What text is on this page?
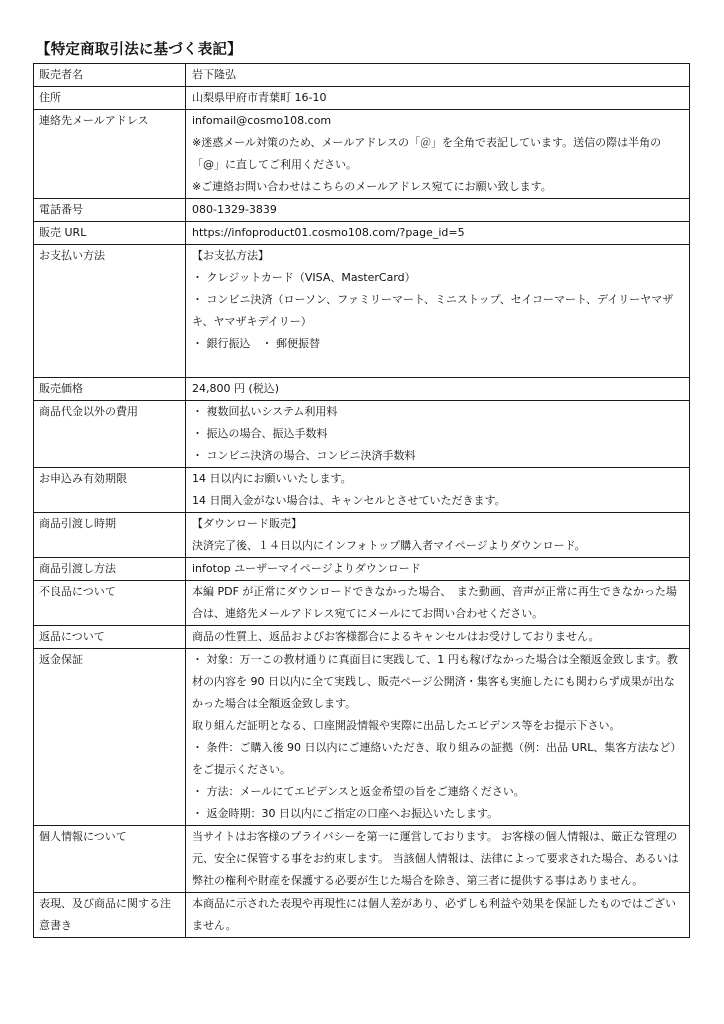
【特定商取引法に基づく表記】
販売者名	岩下隆弘

住所	山梨県甲府市青葉町 16-10

連絡先メールアドレス	infomail@cosmo108.com
※迷惑メール対策のため、メールアドレスの「＠」を全角で表記しています。送信の際は半角の「@」に直してご利用ください。
※ご連絡お問い合わせはこちらのメールアドレス宛てにお願い致します。

電話番号	080-1329-3839

販売 URL	https://infoproduct01.cosmo108.com/?page_id=5

お支払い方法	【お支払方法】
・ クレジットカード（VISA、MasterCard）
・ コンビニ決済（ローソン、ファミリーマート、ミニストップ、セイコーマート、デイリーヤマザキ、ヤマザキデイリー）
・ 銀行振込　・ 郵便振替

販売価格	24,800 円 (税込)

商品代金以外の費用	・ 複数回払いシステム利用料
・ 振込の場合、振込手数料
・ コンビニ決済の場合、コンビニ決済手数料

お申込み有効期限	14 日以内にお願いいたします。
14 日間入金がない場合は、キャンセルとさせていただきます。

商品引渡し時期	【ダウンロード販売】
決済完了後、１４日以内にインフォトップ購入者マイページよりダウンロード。

商品引渡し方法	infotop ユーザーマイページよりダウンロード

不良品について	本編 PDF が正常にダウンロードできなかった場合、　また動画、音声が正常に再生できなかった場合は、連絡先メールアドレス宛てにメールにてお問い合わせください。

返品について	商品の性質上、返品およびお客様都合によるキャンセルはお受けしておりません。

返金保証	・ 対象：万一この教材通りに真面目に実践して、1 円も稼げなかった場合は全額返金致します。教材の内容を 90 日以内に全て実践し、販売ページ公開済・集客も実施したにも関わらず成果が出なかった場合は全額返金致します。
取り組んだ証明となる、口座開設情報や実際に出品したエビデンス等をお提示下さい。
・ 条件：ご購入後 90 日以内にご連絡いただき、取り組みの証拠（例：出品 URL、集客方法など）をご提示ください。
・ 方法：メールにてエビデンスと返金希望の旨をご連絡ください。
・ 返金時期：30 日以内にご指定の口座へお振込いたします。

個人情報について	当サイトはお客様のプライバシーを第一に運営しております。 お客様の個人情報は、厳正な管理の元、安全に保管する事をお約束します。 当該個人情報は、法律によって要求された場合、あるいは弊社の権利や財産を保護する必要が生じた場合を除き、第三者に提供する事はありません。

表現、及び商品に関する注意書き	本商品に示された表現や再現性には個人差があり、必ずしも利益や効果を保証したものではございません。
